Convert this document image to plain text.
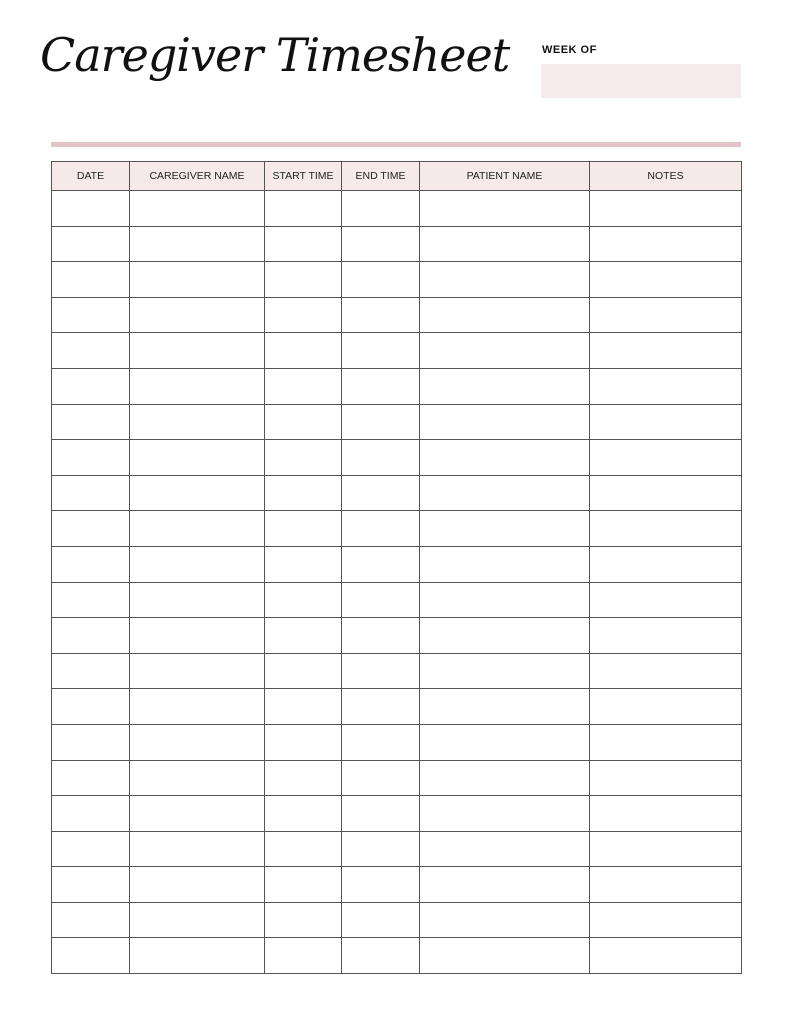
Caregiver Timesheet	WEEK OF
DATE	CAREGIVER NAME	START TIME	END TIME	PATIENT NAME	NOTES
